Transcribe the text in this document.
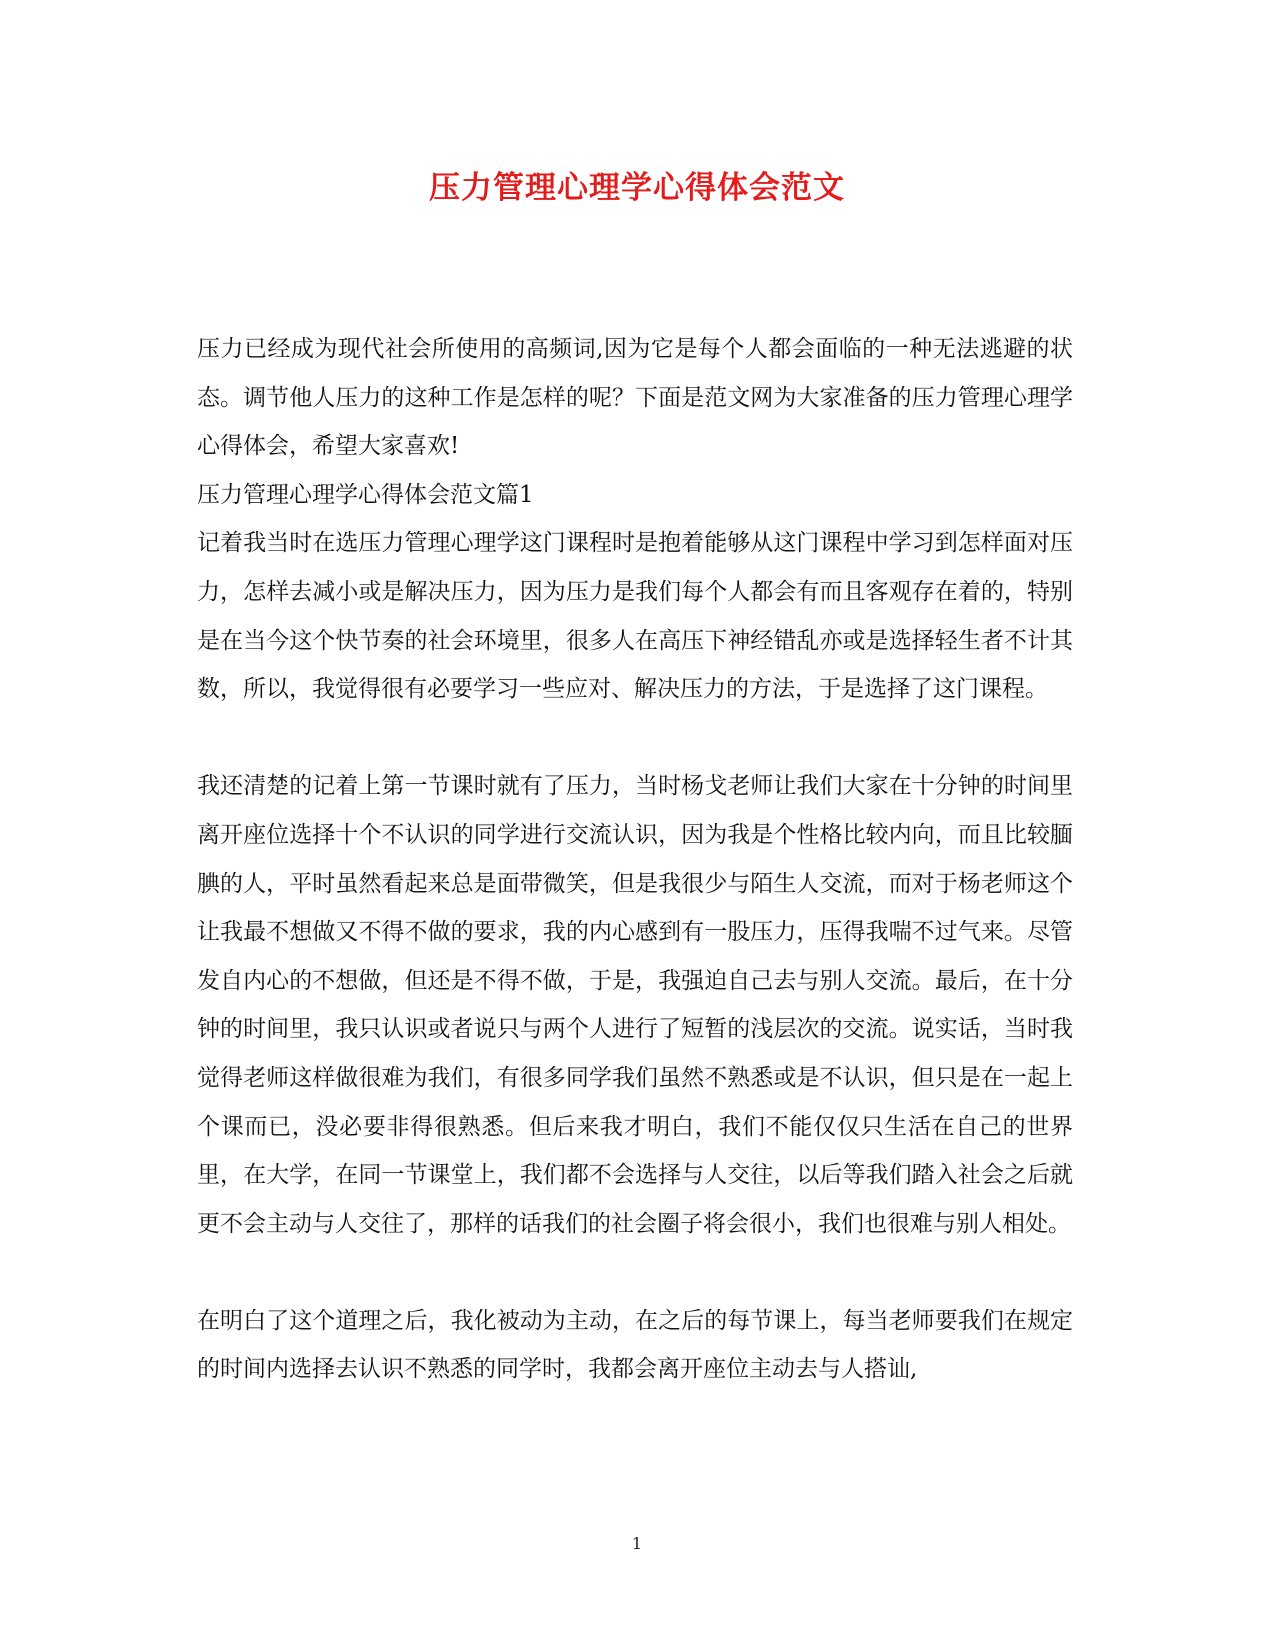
压力管理心理学心得体会范文

压力已经成为现代社会所使用的高频词,因为它是每个人都会面临的一种无法逃避的状态。调节他人压力的这种工作是怎样的呢？下面是范文网为大家准备的压力管理心理学心得体会，希望大家喜欢!

压力管理心理学心得体会范文篇1

记着我当时在选压力管理心理学这门课程时是抱着能够从这门课程中学习到怎样面对压力，怎样去减小或是解决压力，因为压力是我们每个人都会有而且客观存在着的，特别是在当今这个快节奏的社会环境里，很多人在高压下神经错乱亦或是选择轻生者不计其数，所以，我觉得很有必要学习一些应对、解决压力的方法，于是选择了这门课程。

我还清楚的记着上第一节课时就有了压力，当时杨戈老师让我们大家在十分钟的时间里离开座位选择十个不认识的同学进行交流认识，因为我是个性格比较内向，而且比较腼腆的人，平时虽然看起来总是面带微笑，但是我很少与陌生人交流，而对于杨老师这个让我最不想做又不得不做的要求，我的内心感到有一股压力，压得我喘不过气来。尽管发自内心的不想做，但还是不得不做，于是，我强迫自己去与别人交流。最后，在十分钟的时间里，我只认识或者说只与两个人进行了短暂的浅层次的交流。说实话，当时我觉得老师这样做很难为我们，有很多同学我们虽然不熟悉或是不认识，但只是在一起上个课而已，没必要非得很熟悉。但后来我才明白，我们不能仅仅只生活在自己的世界里，在大学，在同一节课堂上，我们都不会选择与人交往，以后等我们踏入社会之后就更不会主动与人交往了，那样的话我们的社会圈子将会很小，我们也很难与别人相处。

在明白了这个道理之后，我化被动为主动，在之后的每节课上，每当老师要我们在规定的时间内选择去认识不熟悉的同学时，我都会离开座位主动去与人搭讪,

1
